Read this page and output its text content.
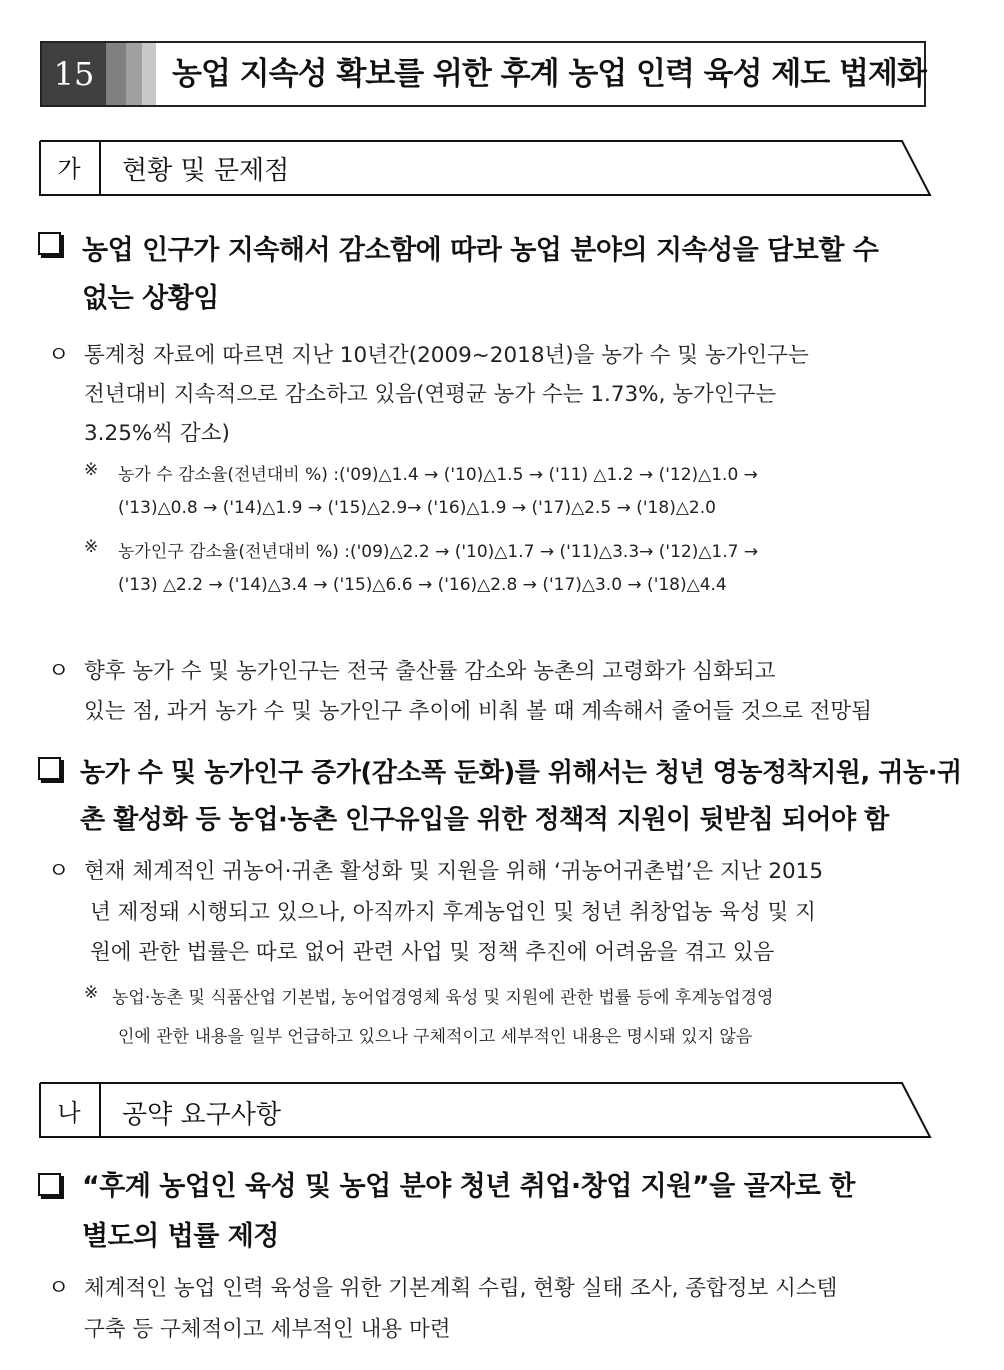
15	농업 지속성 확보를 위한 후계 농업 인력 육성 제도 법제화
가	현황 및 문제점
농업 인구가 지속해서 감소함에 따라 농업 분야의 지속성을 담보할 수
없는 상황임
ㅇ 통계청 자료에 따르면 지난 10년간(2009~2018년)을 농가 수 및 농가인구는
전년대비 지속적으로 감소하고 있음(연평균 농가 수는 1.73%, 농가인구는
3.25%씩 감소)
※ 농가 수 감소율(전년대비 %) :('09)△1.4 → ('10)△1.5 → ('11) △1.2 → ('12)△1.0 →
('13)△0.8 → ('14)△1.9 → ('15)△2.9→ ('16)△1.9 → ('17)△2.5 → ('18)△2.0
※ 농가인구 감소율(전년대비 %) :('09)△2.2 → ('10)△1.7 → ('11)△3.3→ ('12)△1.7 →
('13) △2.2 → ('14)△3.4 → ('15)△6.6 → ('16)△2.8 → ('17)△3.0 → ('18)△4.4
ㅇ 향후 농가 수 및 농가인구는 전국 출산률 감소와 농촌의 고령화가 심화되고
있는 점, 과거 농가 수 및 농가인구 추이에 비춰 볼 때 계속해서 줄어들 것으로 전망됨
농가 수 및 농가인구 증가(감소폭 둔화)를 위해서는 청년 영농정착지원, 귀농·귀
촌 활성화 등 농업·농촌 인구유입을 위한 정책적 지원이 뒷받침 되어야 함
ㅇ 현재 체계적인 귀농어·귀촌 활성화 및 지원을 위해 ‘귀농어귀촌법’은 지난 2015
년 제정돼 시행되고 있으나, 아직까지 후계농업인 및 청년 취창업농 육성 및 지
원에 관한 법률은 따로 없어 관련 사업 및 정책 추진에 어려움을 겪고 있음
※ 농업·농촌 및 식품산업 기본법, 농어업경영체 육성 및 지원에 관한 법률 등에 후계농업경영
인에 관한 내용을 일부 언급하고 있으나 구체적이고 세부적인 내용은 명시돼 있지 않음
나	공약 요구사항
“후계 농업인 육성 및 농업 분야 청년 취업·창업 지원”을 골자로 한
별도의 법률 제정
ㅇ 체계적인 농업 인력 육성을 위한 기본계획 수립, 현황 실태 조사, 종합정보 시스템
구축 등 구체적이고 세부적인 내용 마련
